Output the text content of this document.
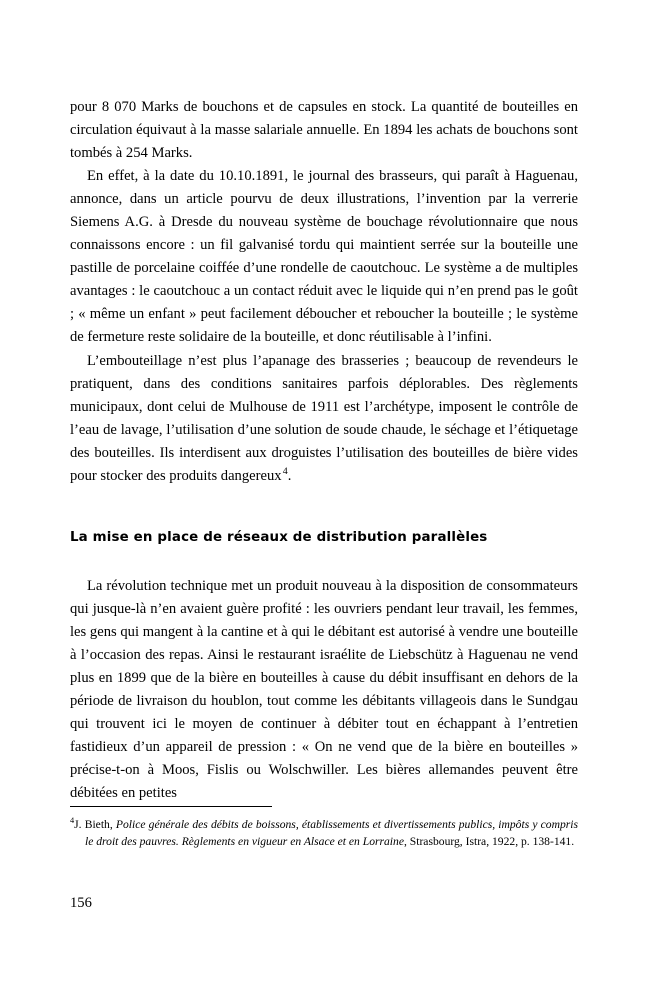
pour 8 070 Marks de bouchons et de capsules en stock. La quantité de bouteilles en circulation équivaut à la masse salariale annuelle. En 1894 les achats de bouchons sont tombés à 254 Marks.

En effet, à la date du 10.10.1891, le journal des brasseurs, qui paraît à Haguenau, annonce, dans un article pourvu de deux illustrations, l’invention par la verrerie Siemens A.G. à Dresde du nouveau système de bouchage révolutionnaire que nous connaissons encore : un fil galvanisé tordu qui maintient serrée sur la bouteille une pastille de porcelaine coiffée d’une rondelle de caoutchouc. Le système a de multiples avantages : le caoutchouc a un contact réduit avec le liquide qui n’en prend pas le goût ; « même un enfant » peut facilement déboucher et reboucher la bouteille ; le système de fermeture reste solidaire de la bouteille, et donc réutilisable à l’infini.

L’embouteillage n’est plus l’apanage des brasseries ; beaucoup de revendeurs le pratiquent, dans des conditions sanitaires parfois déplorables. Des règlements municipaux, dont celui de Mulhouse de 1911 est l’archétype, imposent le contrôle de l’eau de lavage, l’utilisation d’une solution de soude chaude, le séchage et l’étiquetage des bouteilles. Ils interdisent aux droguistes l’utilisation des bouteilles de bière vides pour stocker des produits dangereux$^4$.

La mise en place de réseaux de distribution parallèles

La révolution technique met un produit nouveau à la disposition de consommateurs qui jusque-là n’en avaient guère profité : les ouvriers pendant leur travail, les femmes, les gens qui mangent à la cantine et à qui le débitant est autorisé à vendre une bouteille à l’occasion des repas. Ainsi le restaurant israélite de Liebschütz à Haguenau ne vend plus en 1899 que de la bière en bouteilles à cause du débit insuffisant en dehors de la période de livraison du houblon, tout comme les débitants villageois dans le Sundgau qui trouvent ici le moyen de continuer à débiter tout en échappant à l’entretien fastidieux d’un appareil de pression : « On ne vend que de la bière en bouteilles » précise-t-on à Moos, Fislis ou Wolschwiller. Les bières allemandes peuvent être débitées en petites

$^4$J. Bieth, Police générale des débits de boissons, établissements et divertissements publics, impôts y compris le droit des pauvres. Règlements en vigueur en Alsace et en Lorraine, Strasbourg, Istra, 1922, p. 138-141.

156
